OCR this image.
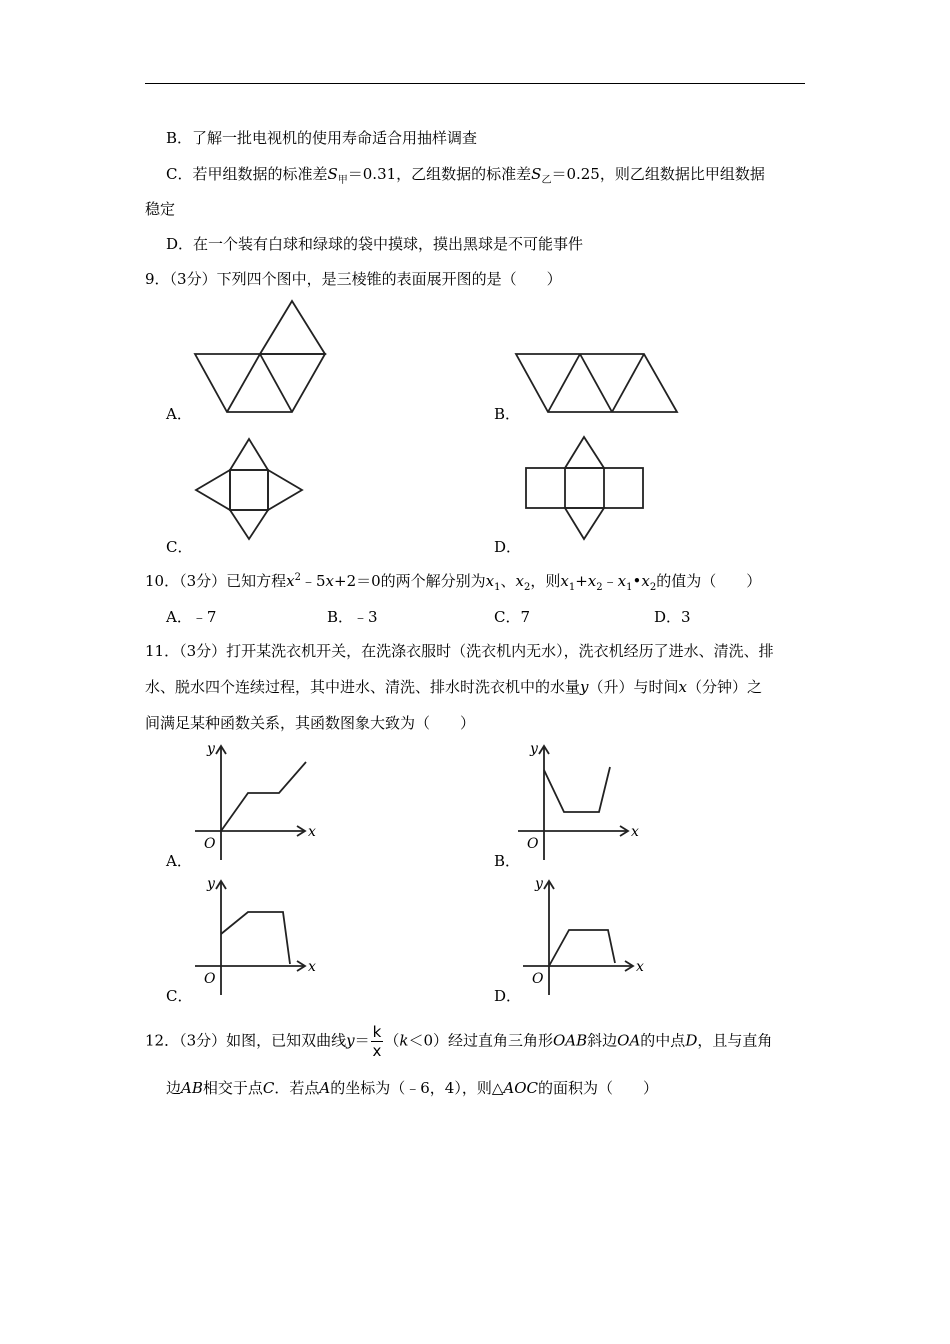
B．了解一批电视机的使用寿命适合用抽样调查
C．若甲组数据的标准差$S_甲=0.31$，乙组数据的标准差$S_乙=0.25$，则乙组数据比甲组数据
稳定
D．在一个装有白球和绿球的袋中摸球，摸出黑球是不可能事件
9．（3分）下列四个图中，是三棱锥的表面展开图的是（　　）
A．	B．
C．	D．
10．（3分）已知方程$x^2﹣5x+2=0$的两个解分别为$x_1$、$x_2$，则$x_1+x_2﹣x_1•x_2$的值为（　　）
A．﹣7	B．﹣3	C．7	D．3
11．（3分）打开某洗衣机开关，在洗涤衣服时（洗衣机内无水），洗衣机经历了进水、清洗、排
水、脱水四个连续过程，其中进水、清洗、排水时洗衣机中的水量y（升）与时间x（分钟）之
间满足某种函数关系，其函数图象大致为（　　）
y
x
O
A．
y
x
O
B．
y
x
O
C．
y
x
O
D．
12．（3分）如图，已知双曲线$y= \frac{k}{x} (k<0)$经过直角三角形OAB斜边OA的中点D，且与直角
边AB相交于点C．若点A的坐标为（﹣6，4），则△AOC的面积为（　　）
